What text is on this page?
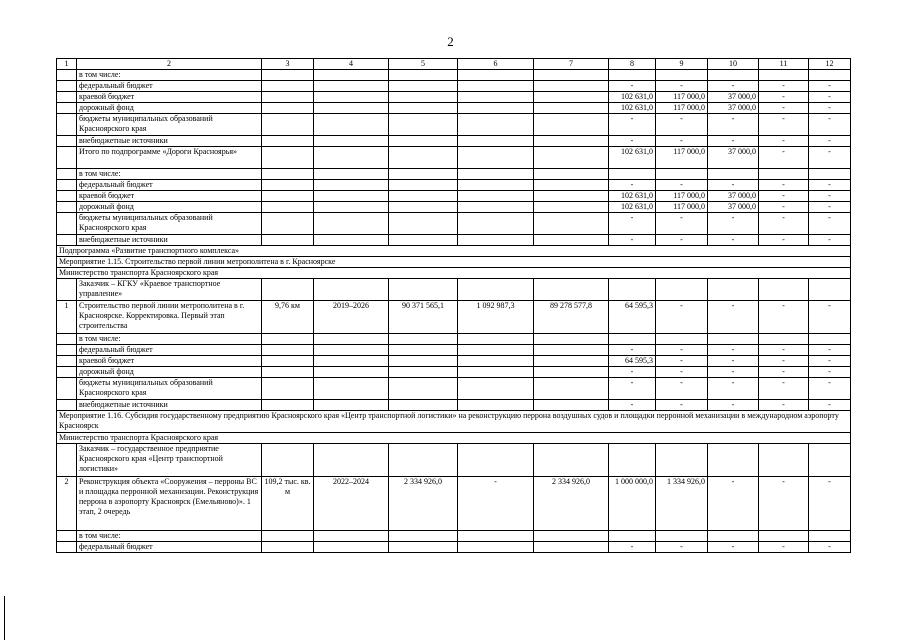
2
1	2	3	4	5	6	7	8	9	10	11	12
	в том числе:										
	федеральный бюджет						-	-	-	-	-
	краевой бюджет						102 631,0	117 000,0	37 000,0	-	-
	дорожный фонд						102 631,0	117 000,0	37 000,0	-	-
	бюджеты муниципальных образований Красноярского края						-	-	-	-	-
	внебюджетные источники						-	-	-	-	-
	Итого по подпрограмме «Дороги Красноярья»						102 631,0	117 000,0	37 000,0	-	-
	в том числе:										
	федеральный бюджет						-	-	-	-	-
	краевой бюджет						102 631,0	117 000,0	37 000,0	-	-
	дорожный фонд						102 631,0	117 000,0	37 000,0	-	-
	бюджеты муниципальных образований Красноярского края						-	-	-	-	-
	внебюджетные источники						-	-	-	-	-
Подпрограмма «Развитие транспортного комплекса»											
Мероприятие 1.15. Строительство первой линии метрополитена в г. Красноярске											
Министерство транспорта Красноярского края											
	Заказчик – КГКУ «Краевое транспортное управление»										
1	Строительство первой линии метрополитена в г. Красноярске. Корректировка. Первый этап строительства	9,76 км	2019–2026	90 371 565,1	1 092 987,3	89 278 577,8	64 595,3	-	-	-	-
	в том числе:										
	федеральный бюджет						-	-	-	-	-
	краевой бюджет						64 595,3	-	-	-	-
	дорожный фонд						-	-	-	-	-
	бюджеты муниципальных образований Красноярского края						-	-	-	-	-
	внебюджетные источники						-	-	-	-	-
Мероприятие 1.16. Субсидия государственному предприятию Красноярского края «Центр транспортной логистики» на реконструкцию перрона воздушных судов и площадки перронной механизации в международном аэропорту Красноярск											
Министерство транспорта Красноярского края											
	Заказчик – государственное предприятие Красноярского края «Центр транспортной логистики»										
2	Реконструкция объекта «Сооружения – перроны ВС и площадка перронной механизации. Реконструкция перрона в аэропорту Красноярск (Емельяново)». 1 этап, 2 очередь	109,2 тыс. кв. м	2022–2024	2 334 926,0	-	2 334 926,0	1 000 000,0	1 334 926,0	-	-	-
	в том числе:										
	федеральный бюджет						-	-	-	-	-
